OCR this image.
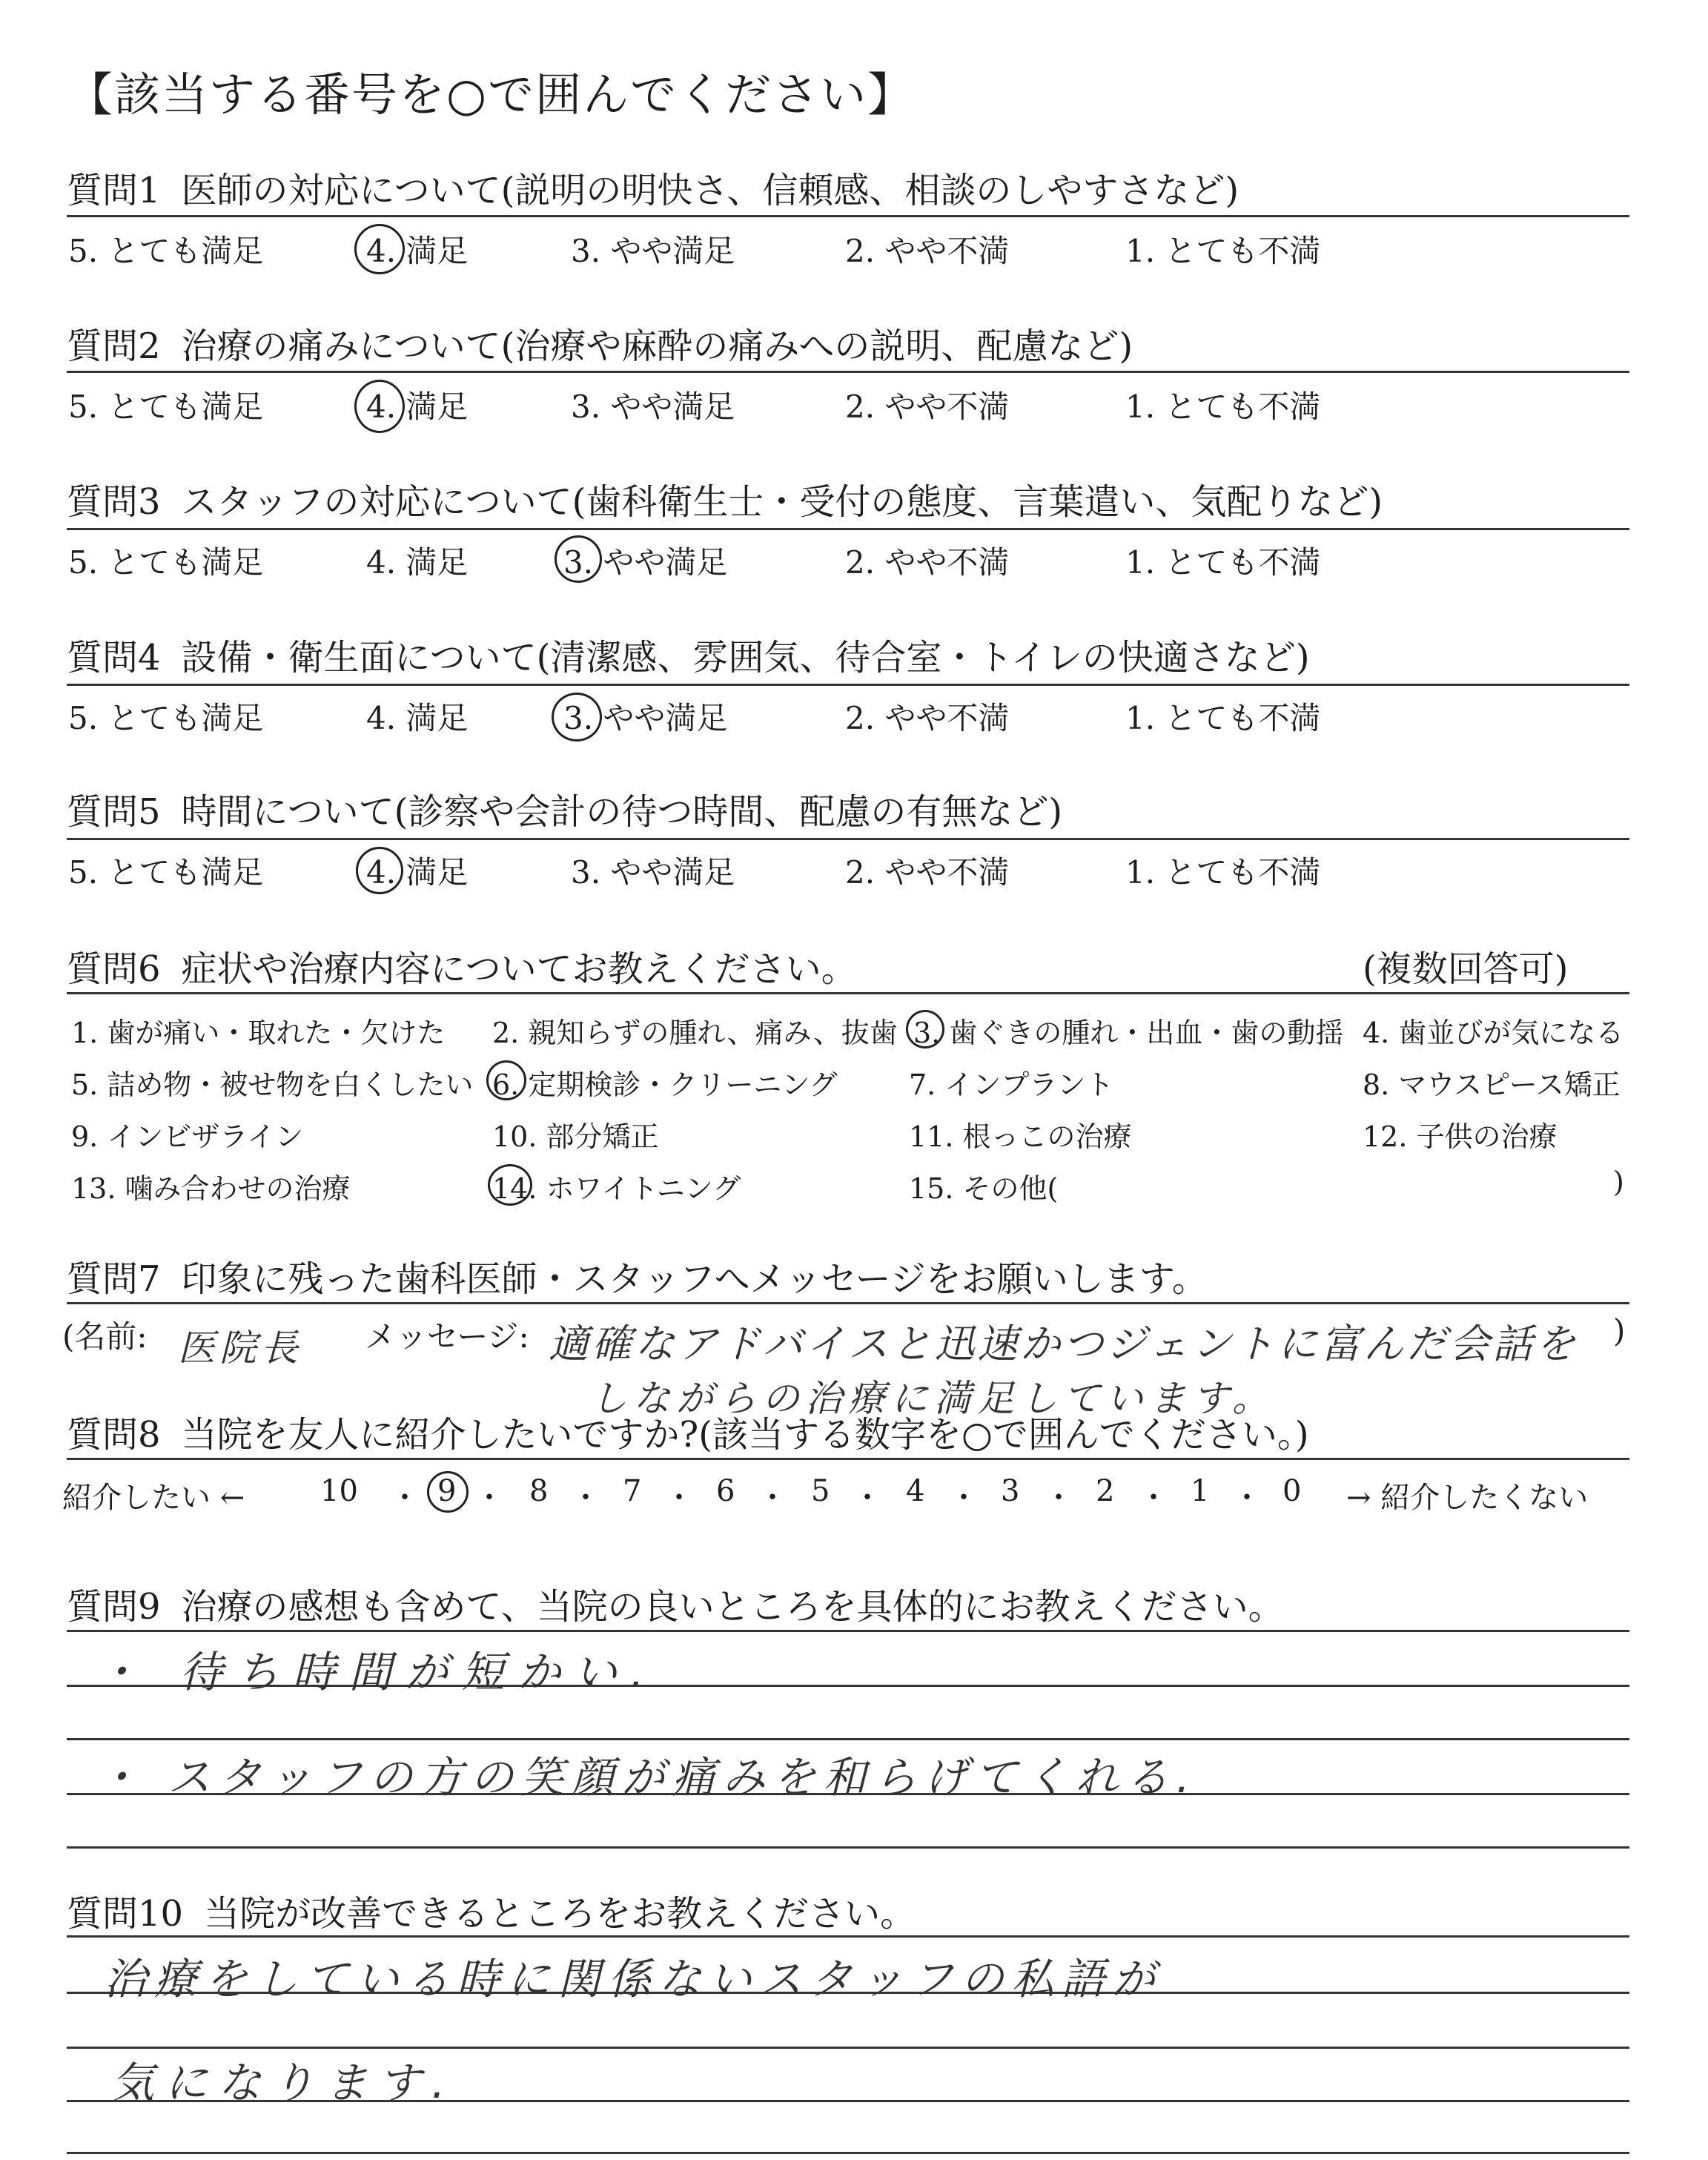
【該当する番号を○で囲んでください】
質問1 医師の対応について(説明の明快さ、信頼感、相談のしやすさなど)
5. とても満足	4. 満足	3. やや満足	2. やや不満	1. とても不満
質問2 治療の痛みについて(治療や麻酔の痛みへの説明、配慮など)
5. とても満足	4. 満足	3. やや満足	2. やや不満	1. とても不満
質問3 スタッフの対応について(歯科衛生士・受付の態度、言葉遣い、気配りなど)
5. とても満足	4. 満足	3. やや満足	2. やや不満	1. とても不満
質問4 設備・衛生面について(清潔感、雰囲気、待合室・トイレの快適さなど)
5. とても満足	4. 満足	3. やや満足	2. やや不満	1. とても不満
質問5 時間について(診察や会計の待つ時間、配慮の有無など)
5. とても満足	4. 満足	3. やや満足	2. やや不満	1. とても不満
質問6 症状や治療内容についてお教えください。	(複数回答可)
1. 歯が痛い・取れた・欠けた 2. 親知らずの腫れ、痛み、抜歯 3. 歯ぐきの腫れ・出血・歯の動揺 4. 歯並びが気になる
5. 詰め物・被せ物を白くしたい 6. 定期検診・クリーニング	7. インプラント	8. マウスピース矯正
9. インビザライン	10. 部分矯正	11. 根っこの治療	12. 子供の治療
13. 噛み合わせの治療	14. ホワイトニング	15. その他(	)
質問7 印象に残った歯科医師・スタッフへメッセージをお願いします。
(名前: 医院長 メッセージ: 適確なアドバイスと迅速かつジェントに富んだ会話を )
しながらの治療に満足しています。
質問8 当院を友人に紹介したいですか?(該当する数字を○で囲んでください。)
紹介したい ←	→ 紹介したくない
10 ・ 9 ・ 8 ・ 7 ・ 6 ・ 5 ・ 4 ・ 3 ・ 2 ・ 1 ・ 0
質問9 治療の感想も含めて、当院の良いところを具体的にお教えください。
・ 待ち時間が短かい.
・ スタッフの方の笑顔が痛みを和らげてくれる.
質問10 当院が改善できるところをお教えください。
治療をしている時に関係ないスタッフの私語が
気になります.
